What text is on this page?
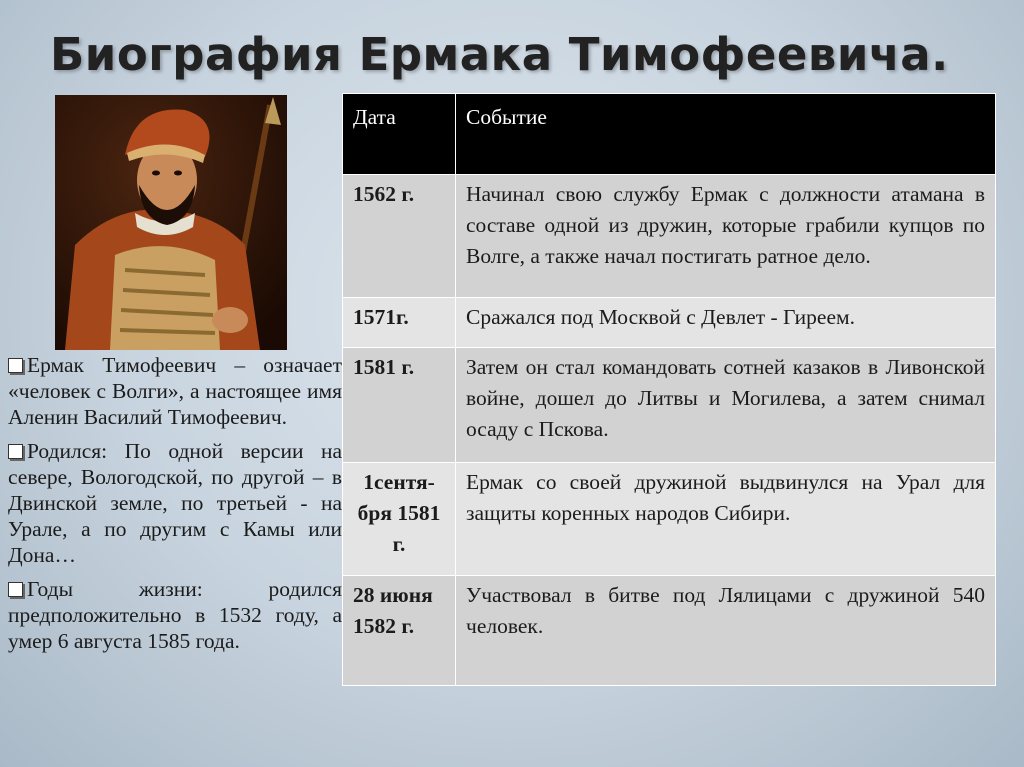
Биография Ермака Тимофеевича.

Ермак Тимофеевич – означает «человек с Волги», а настоящее имя Аленин Василий Тимофеевич.

Родился: По одной версии на севере, Вологодской, по другой – в Двинской земле, по третьей - на Урале, а по другим с Камы или Дона…

Годы жизни: родился предположительно в 1532 году, а умер 6 августа 1585 года.

Дата	Событие
1562 г.	Начинал свою службу Ермак с должности атамана в составе одной из дружин, которые грабили купцов по Волге, а также начал постигать ратное дело.
1571г.	Сражался под Москвой с Девлет - Гиреем.
1581 г.	Затем он стал командовать сотней казаков в Ливонской войне, дошел до Литвы и Могилева, а затем снимал осаду с Пскова.
1сентя-бря 1581 г.	Ермак со своей дружиной выдвинулся на Урал для защиты коренных народов Сибири.
28 июня 1582 г.	Участвовал в битве под Лялицами с дружиной 540 человек.
